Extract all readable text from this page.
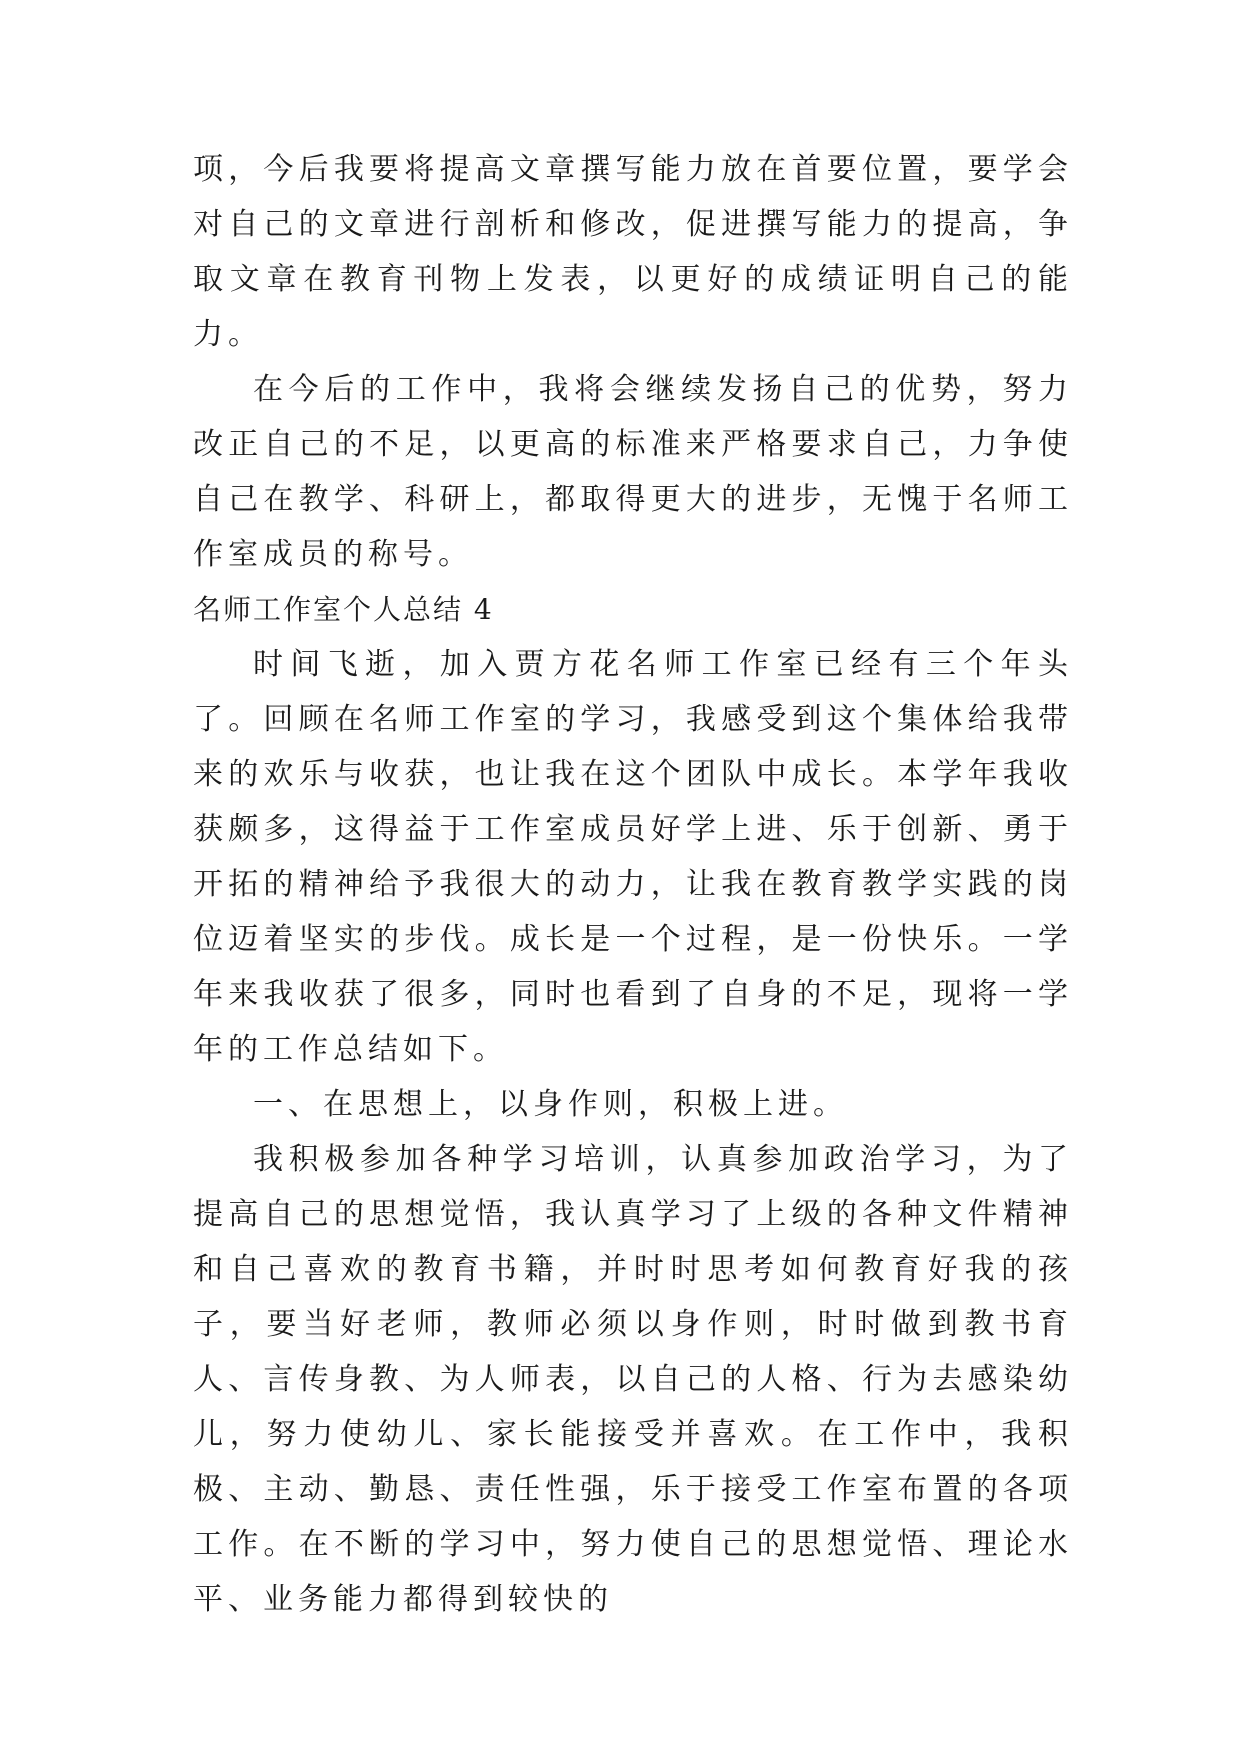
项，今后我要将提高文章撰写能力放在首要位置，要学会对自己的文章进行剖析和修改，促进撰写能力的提高，争取文章在教育刊物上发表，以更好的成绩证明自己的能力。

在今后的工作中，我将会继续发扬自己的优势，努力改正自己的不足，以更高的标准来严格要求自己，力争使自己在教学、科研上，都取得更大的进步，无愧于名师工作室成员的称号。

名师工作室个人总结 4

时间飞逝，加入贾方花名师工作室已经有三个年头了。回顾在名师工作室的学习，我感受到这个集体给我带来的欢乐与收获，也让我在这个团队中成长。本学年我收获颇多，这得益于工作室成员好学上进、乐于创新、勇于开拓的精神给予我很大的动力，让我在教育教学实践的岗位迈着坚实的步伐。成长是一个过程，是一份快乐。一学年来我收获了很多，同时也看到了自身的不足，现将一学年的工作总结如下。

一、在思想上，以身作则，积极上进。

我积极参加各种学习培训，认真参加政治学习，为了提高自己的思想觉悟，我认真学习了上级的各种文件精神和自己喜欢的教育书籍，并时时思考如何教育好我的孩子，要当好老师，教师必须以身作则，时时做到教书育人、言传身教、为人师表，以自己的人格、行为去感染幼儿，努力使幼儿、家长能接受并喜欢。在工作中，我积极、主动、勤恳、责任性强，乐于接受工作室布置的各项工作。在不断的学习中，努力使自己的思想觉悟、理论水平、业务能力都得到较快的
